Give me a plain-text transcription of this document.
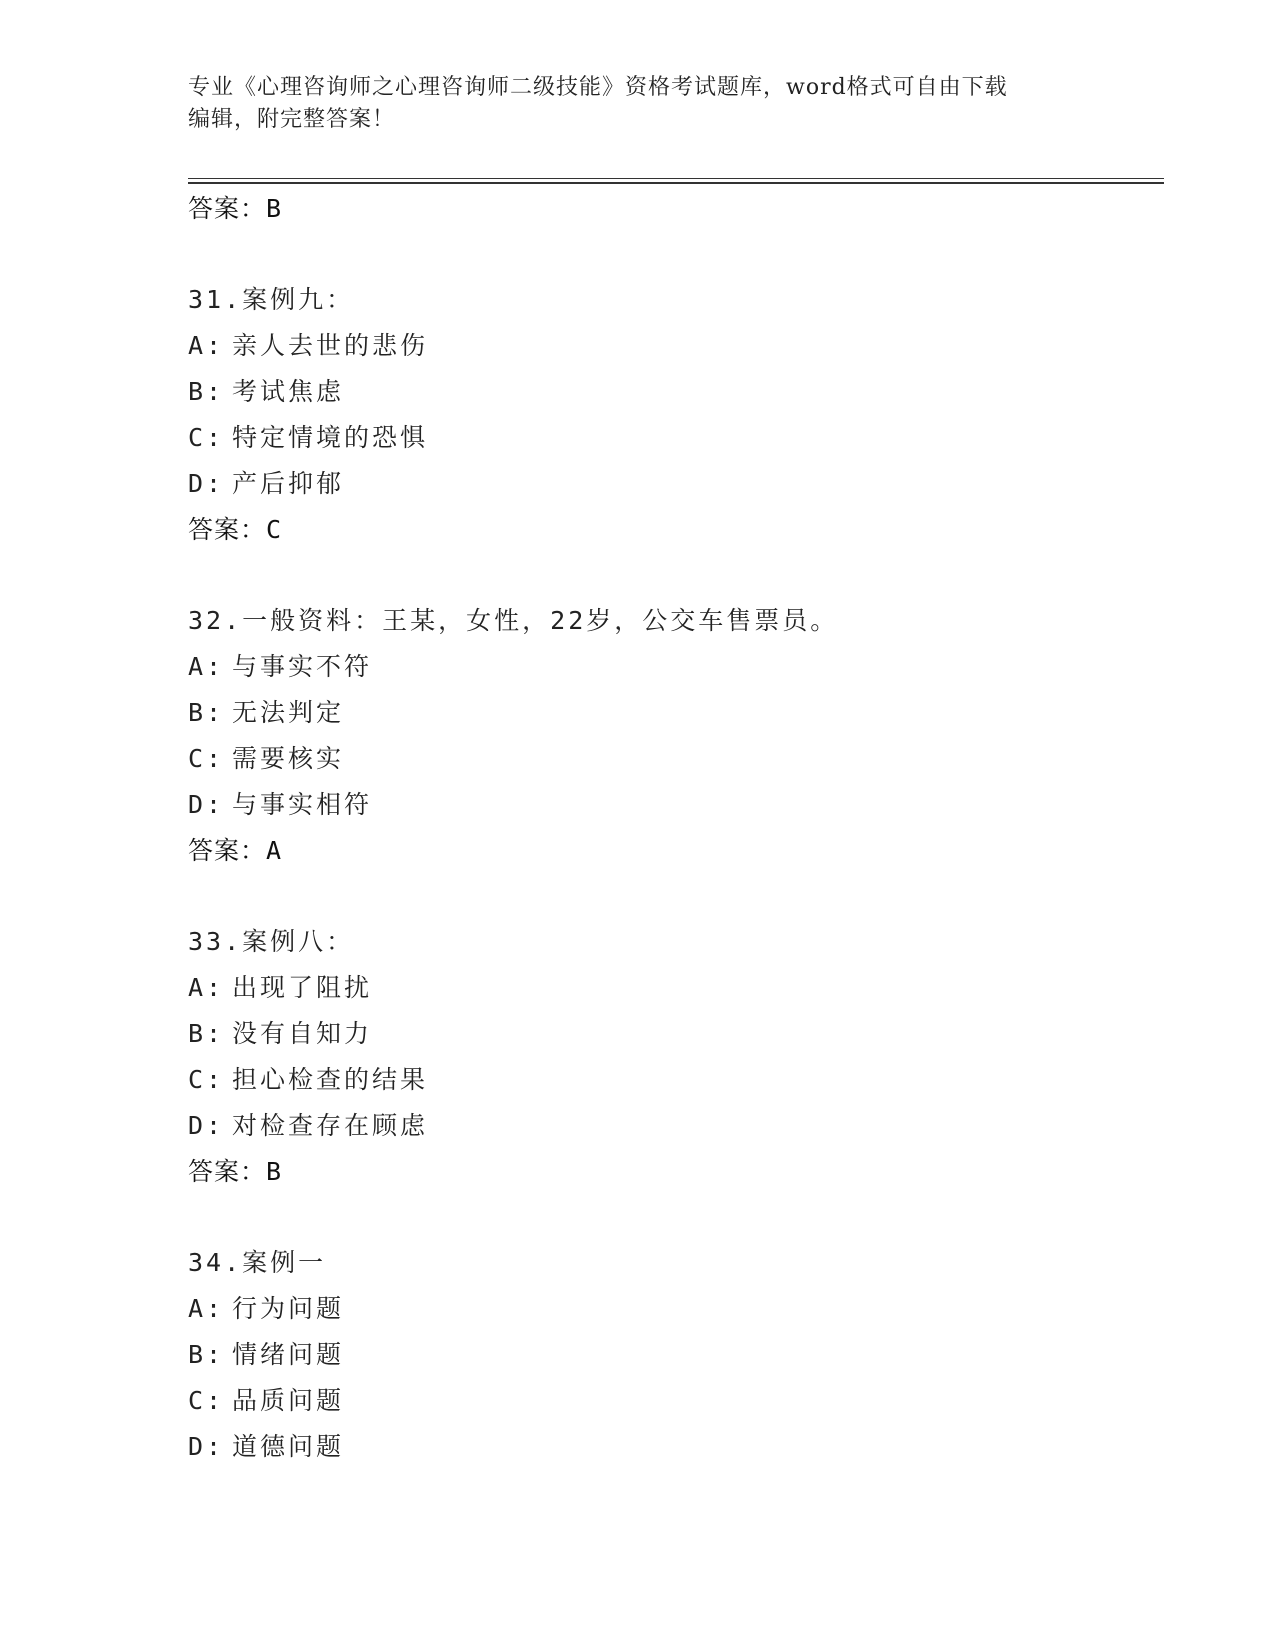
专业《心理咨询师之心理咨询师二级技能》资格考试题库，word格式可自由下载
编辑，附完整答案！
答案：B
31.案例九：
A: 亲人去世的悲伤
B: 考试焦虑
C: 特定情境的恐惧
D: 产后抑郁
答案：C
32.一般资料：王某，女性，22岁，公交车售票员。
A: 与事实不符
B: 无法判定
C: 需要核实
D: 与事实相符
答案：A
33.案例八：
A: 出现了阻扰
B: 没有自知力
C: 担心检查的结果
D: 对检查存在顾虑
答案：B
34.案例一
A: 行为问题
B: 情绪问题
C: 品质问题
D: 道德问题
